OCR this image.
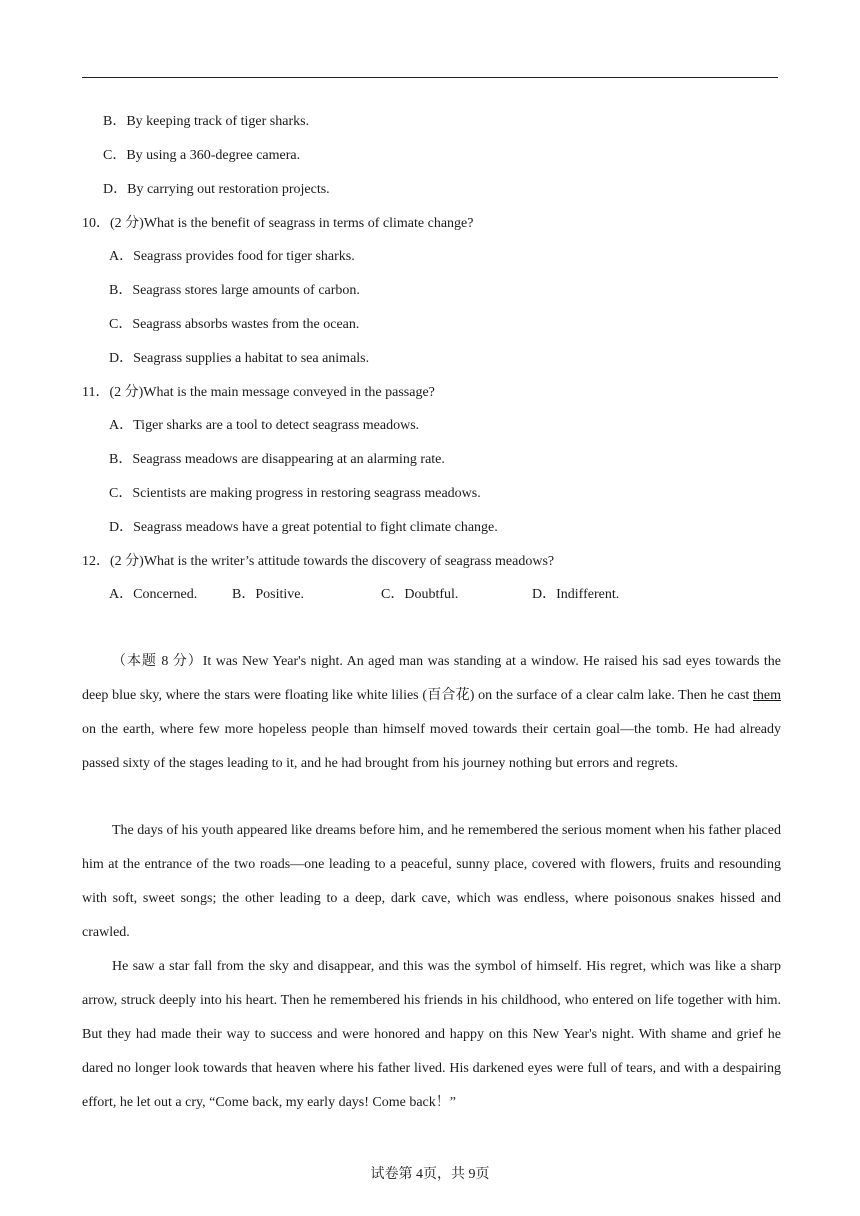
B．By keeping track of tiger sharks.
C．By using a 360-degree camera.
D．By carrying out restoration projects.
10．(2 分)What is the benefit of seagrass in terms of climate change?
A．Seagrass provides food for tiger sharks.
B．Seagrass stores large amounts of carbon.
C．Seagrass absorbs wastes from the ocean.
D．Seagrass supplies a habitat to sea animals.
11．(2 分)What is the main message conveyed in the passage?
A．Tiger sharks are a tool to detect seagrass meadows.
B．Seagrass meadows are disappearing at an alarming rate.
C．Scientists are making progress in restoring seagrass meadows.
D．Seagrass meadows have a great potential to fight climate change.
12．(2 分)What is the writer’s attitude towards the discovery of seagrass meadows?
A．Concerned. B．Positive.	C．Doubtful.	D．Indifferent.

（本题 8 分）It was New Year's night. An aged man was standing at a window. He raised his sad eyes towards the deep blue sky, where the stars were floating like white lilies (百合花) on the surface of a clear calm lake. Then he cast them on the earth, where few more hopeless people than himself moved towards their certain goal—the tomb. He had already passed sixty of the stages leading to it, and he had brought from his journey nothing but errors and regrets.

The days of his youth appeared like dreams before him, and he remembered the serious moment when his father placed him at the entrance of the two roads—one leading to a peaceful, sunny place, covered with flowers, fruits and resounding with soft, sweet songs; the other leading to a deep, dark cave, which was endless, where poisonous snakes hissed and crawled.

He saw a star fall from the sky and disappear, and this was the symbol of himself. His regret, which was like a sharp arrow, struck deeply into his heart. Then he remembered his friends in his childhood, who entered on life together with him. But they had made their way to success and were honored and happy on this New Year's night. With shame and grief he dared no longer look towards that heaven where his father lived. His darkened eyes were full of tears, and with a despairing effort, he let out a cry, “Come back, my early days! Come back！”

试卷第 4页，共 9页
